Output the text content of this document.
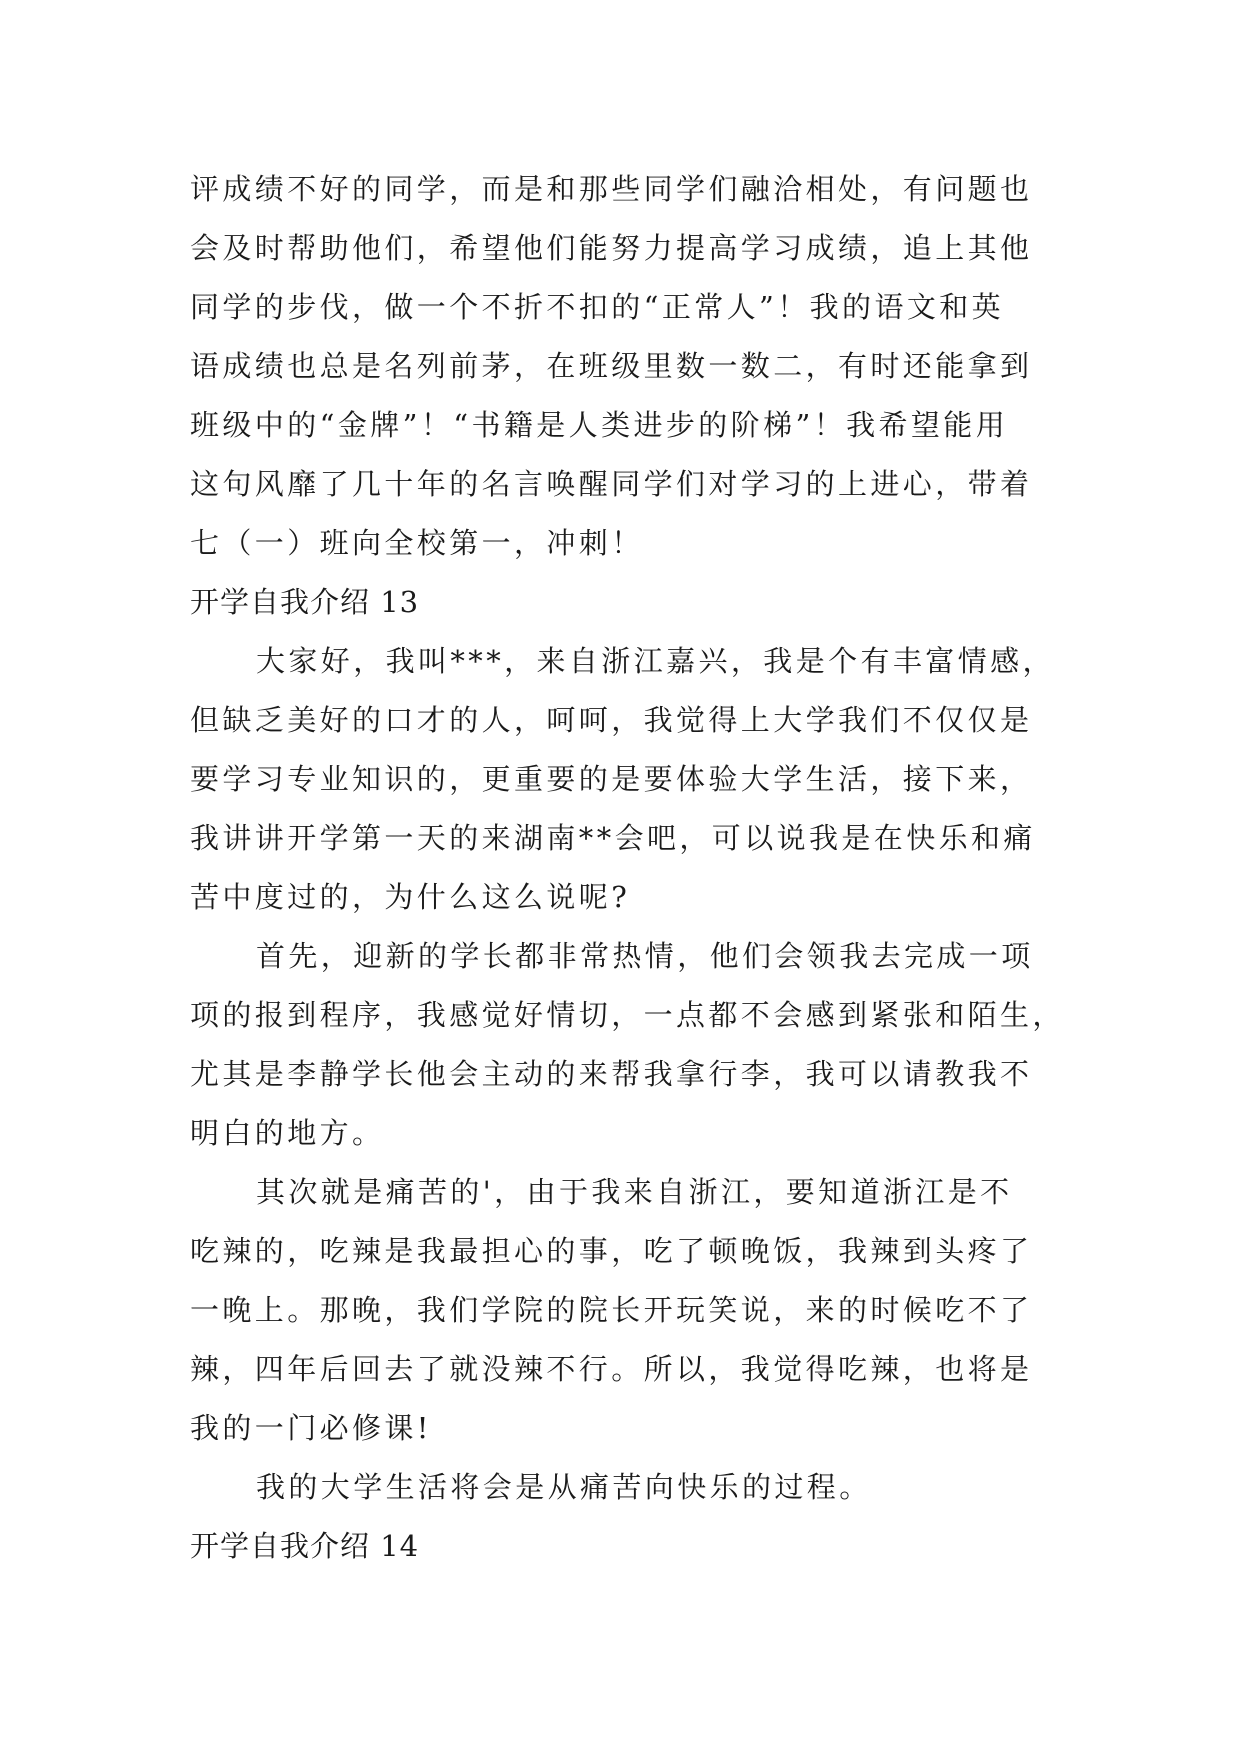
评成绩不好的同学，而是和那些同学们融洽相处，有问题也
会及时帮助他们，希望他们能努力提高学习成绩，追上其他
同学的步伐，做一个不折不扣的“正常人”！我的语文和英
语成绩也总是名列前茅，在班级里数一数二，有时还能拿到
班级中的“金牌”！“书籍是人类进步的阶梯”！我希望能用
这句风靡了几十年的名言唤醒同学们对学习的上进心，带着
七（一）班向全校第一，冲刺！
开学自我介绍 13
大家好，我叫***，来自浙江嘉兴，我是个有丰富情感，
但缺乏美好的口才的人，呵呵，我觉得上大学我们不仅仅是
要学习专业知识的，更重要的是要体验大学生活，接下来，
我讲讲开学第一天的来湖南**会吧，可以说我是在快乐和痛
苦中度过的，为什么这么说呢?
首先，迎新的学长都非常热情，他们会领我去完成一项
项的报到程序，我感觉好情切，一点都不会感到紧张和陌生，
尤其是李静学长他会主动的来帮我拿行李，我可以请教我不
明白的地方。
其次就是痛苦的'，由于我来自浙江，要知道浙江是不
吃辣的，吃辣是我最担心的事，吃了顿晚饭，我辣到头疼了
一晚上。那晚，我们学院的院长开玩笑说，来的时候吃不了
辣，四年后回去了就没辣不行。所以，我觉得吃辣，也将是
我的一门必修课!
我的大学生活将会是从痛苦向快乐的过程。
开学自我介绍 14
